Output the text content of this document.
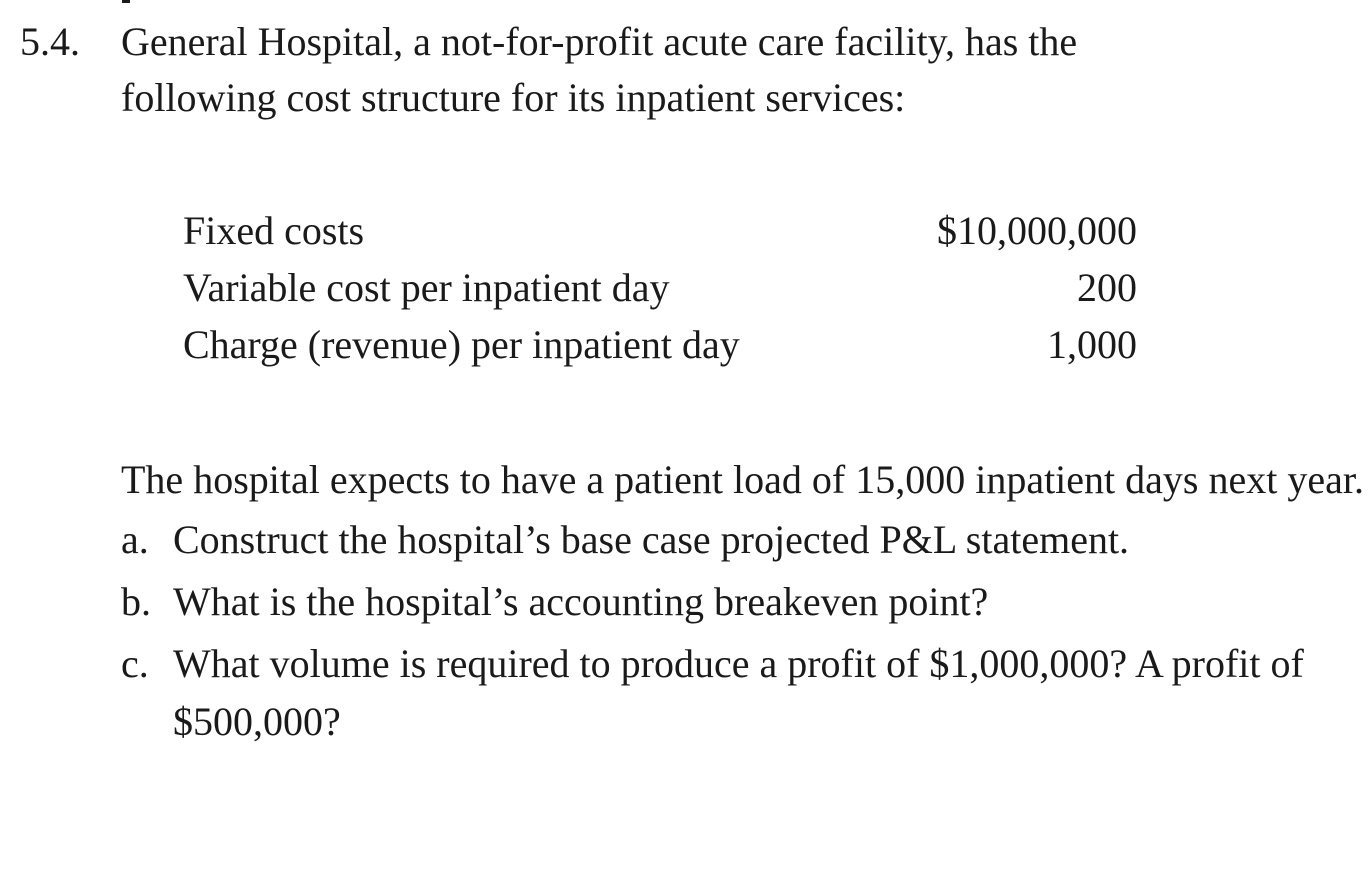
5.4. General Hospital, a not-for-profit acute care facility, has the following cost structure for its inpatient services:
Fixed costs	$10,000,000
Variable cost per inpatient day	200
Charge (revenue) per inpatient day	1,000
The hospital expects to have a patient load of 15,000 inpatient days next year.
a. Construct the hospital’s base case projected P&L statement.
b. What is the hospital’s accounting breakeven point?
c. What volume is required to produce a profit of $1,000,000? A profit of $500,000?
